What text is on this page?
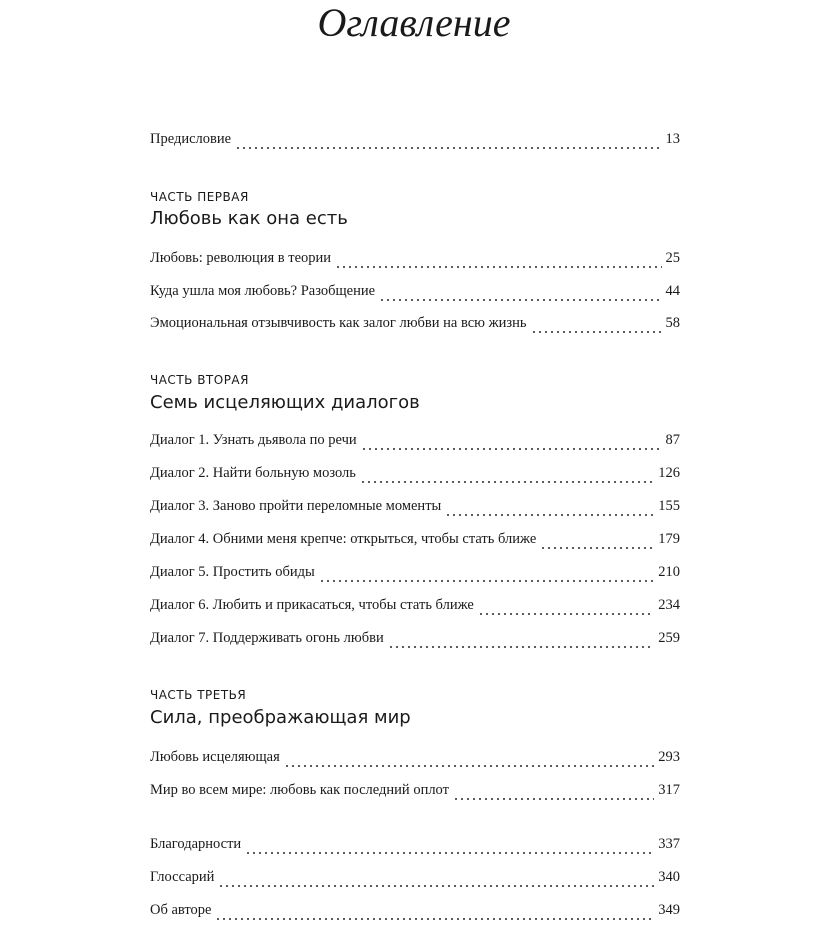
Оглавление
Предисловие	13
ЧАСТЬ ПЕРВАЯ
Любовь как она есть
Любовь: революция в теории	25
Куда ушла моя любовь? Разобщение	44
Эмоциональная отзывчивость как залог любви на всю жизнь	58
ЧАСТЬ ВТОРАЯ
Семь исцеляющих диалогов
Диалог 1. Узнать дьявола по речи	87
Диалог 2. Найти больную мозоль	126
Диалог 3. Заново пройти переломные моменты	155
Диалог 4. Обними меня крепче: открыться, чтобы стать ближе	179
Диалог 5. Простить обиды	210
Диалог 6. Любить и прикасаться, чтобы стать ближе	234
Диалог 7. Поддерживать огонь любви	259
ЧАСТЬ ТРЕТЬЯ
Сила, преображающая мир
Любовь исцеляющая	293
Мир во всем мире: любовь как последний оплот	317
Благодарности	337
Глоссарий	340
Об авторе	349
